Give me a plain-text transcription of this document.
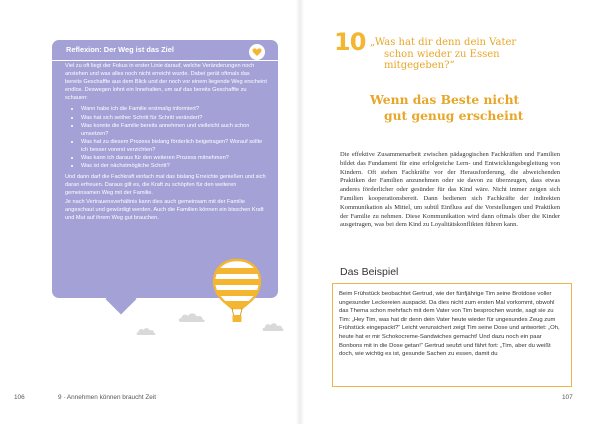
Reflexion: Der Weg ist das Ziel

Viel zu oft liegt der Fokus in erster Linie darauf, welche Veränderungen noch anstehen und was alles noch nicht erreicht wurde. Dabei gerät oftmals das bereits Geschaffte aus dem Blick und der noch vor einem liegende Weg erscheint endlos. Deswegen lohnt ein Innehalten, um auf das bereits Geschaffte zu schauen:

Wann habe ich die Familie erstmalig informiert?
Was hat sich seither Schritt für Schritt verändert?
Was konnte die Familie bereits annehmen und vielleicht auch schon umsetzen?
Was hat zu diesem Prozess bislang förderlich beigetragen? Worauf sollte ich besser vorerst verzichten?
Was kann ich daraus für den weiteren Prozess mitnehmen?
Was ist der nächstmögliche Schritt?

Und dann darf die Fachkraft einfach mal das bislang Erreichte genießen und sich daran erfreuen. Daraus gilt es, die Kraft zu schöpfen für den weiteren gemeinsamen Weg mit der Familie.

Je nach Vertrauensverhältnis kann dies auch gemeinsam mit der Familie angeschaut und gewürdigt werden. Auch die Familien können ein bisschen Kraft und Mut auf ihrem Weg gut brauchen.

106	9 · Annehmen können braucht Zeit
10 „Was hat dir denn dein Vater
schon wieder zu Essen
mitgegeben?“
Wenn das Beste nicht
gut genug erscheint

Die effektive Zusammenarbeit zwischen pädagogischen Fachkräften und Familien bildet das Fundament für eine erfolgreiche Lern- und Entwicklungsbegleitung von Kindern. Oft stehen Fachkräfte vor der Herausforderung, die abweichenden Praktiken der Familien anzunehmen oder sie davon zu überzeugen, dass etwas anderes förderlicher oder gesünder für das Kind wäre. Nicht immer zeigen sich Familien kooperationsbereit. Dann bedienen sich Fachkräfte der indirekten Kommunikation als Mittel, um subtil Einfluss auf die Vorstellungen und Praktiken der Familie zu nehmen. Diese Kommunikation wird dann oftmals über die Kinder ausgetragen, was bei dem Kind zu Loyalitätskonflikten führen kann.

Das Beispiel

Beim Frühstück beobachtet Gertrud, wie der fünfjährige Tim seine Brotdose voller ungesunder Leckereien auspackt. Da dies nicht zum ersten Mal vorkommt, obwohl das Thema schon mehrfach mit dem Vater von Tim besprochen wurde, sagt sie zu Tim: „Hey Tim, was hat dir denn dein Vater heute wieder für ungesundes Zeug zum Frühstück eingepackt?“ Leicht verunsichert zeigt Tim seine Dose und antwortet: „Oh, heute hat er mir Schokocreme-Sandwiches gemacht! Und dazu noch ein paar Bonbons mit in die Dose getan!“ Gertrud seufzt und fährt fort: „Tim, aber du weißt doch, wie wichtig es ist, gesunde Sachen zu essen, damit du

107
